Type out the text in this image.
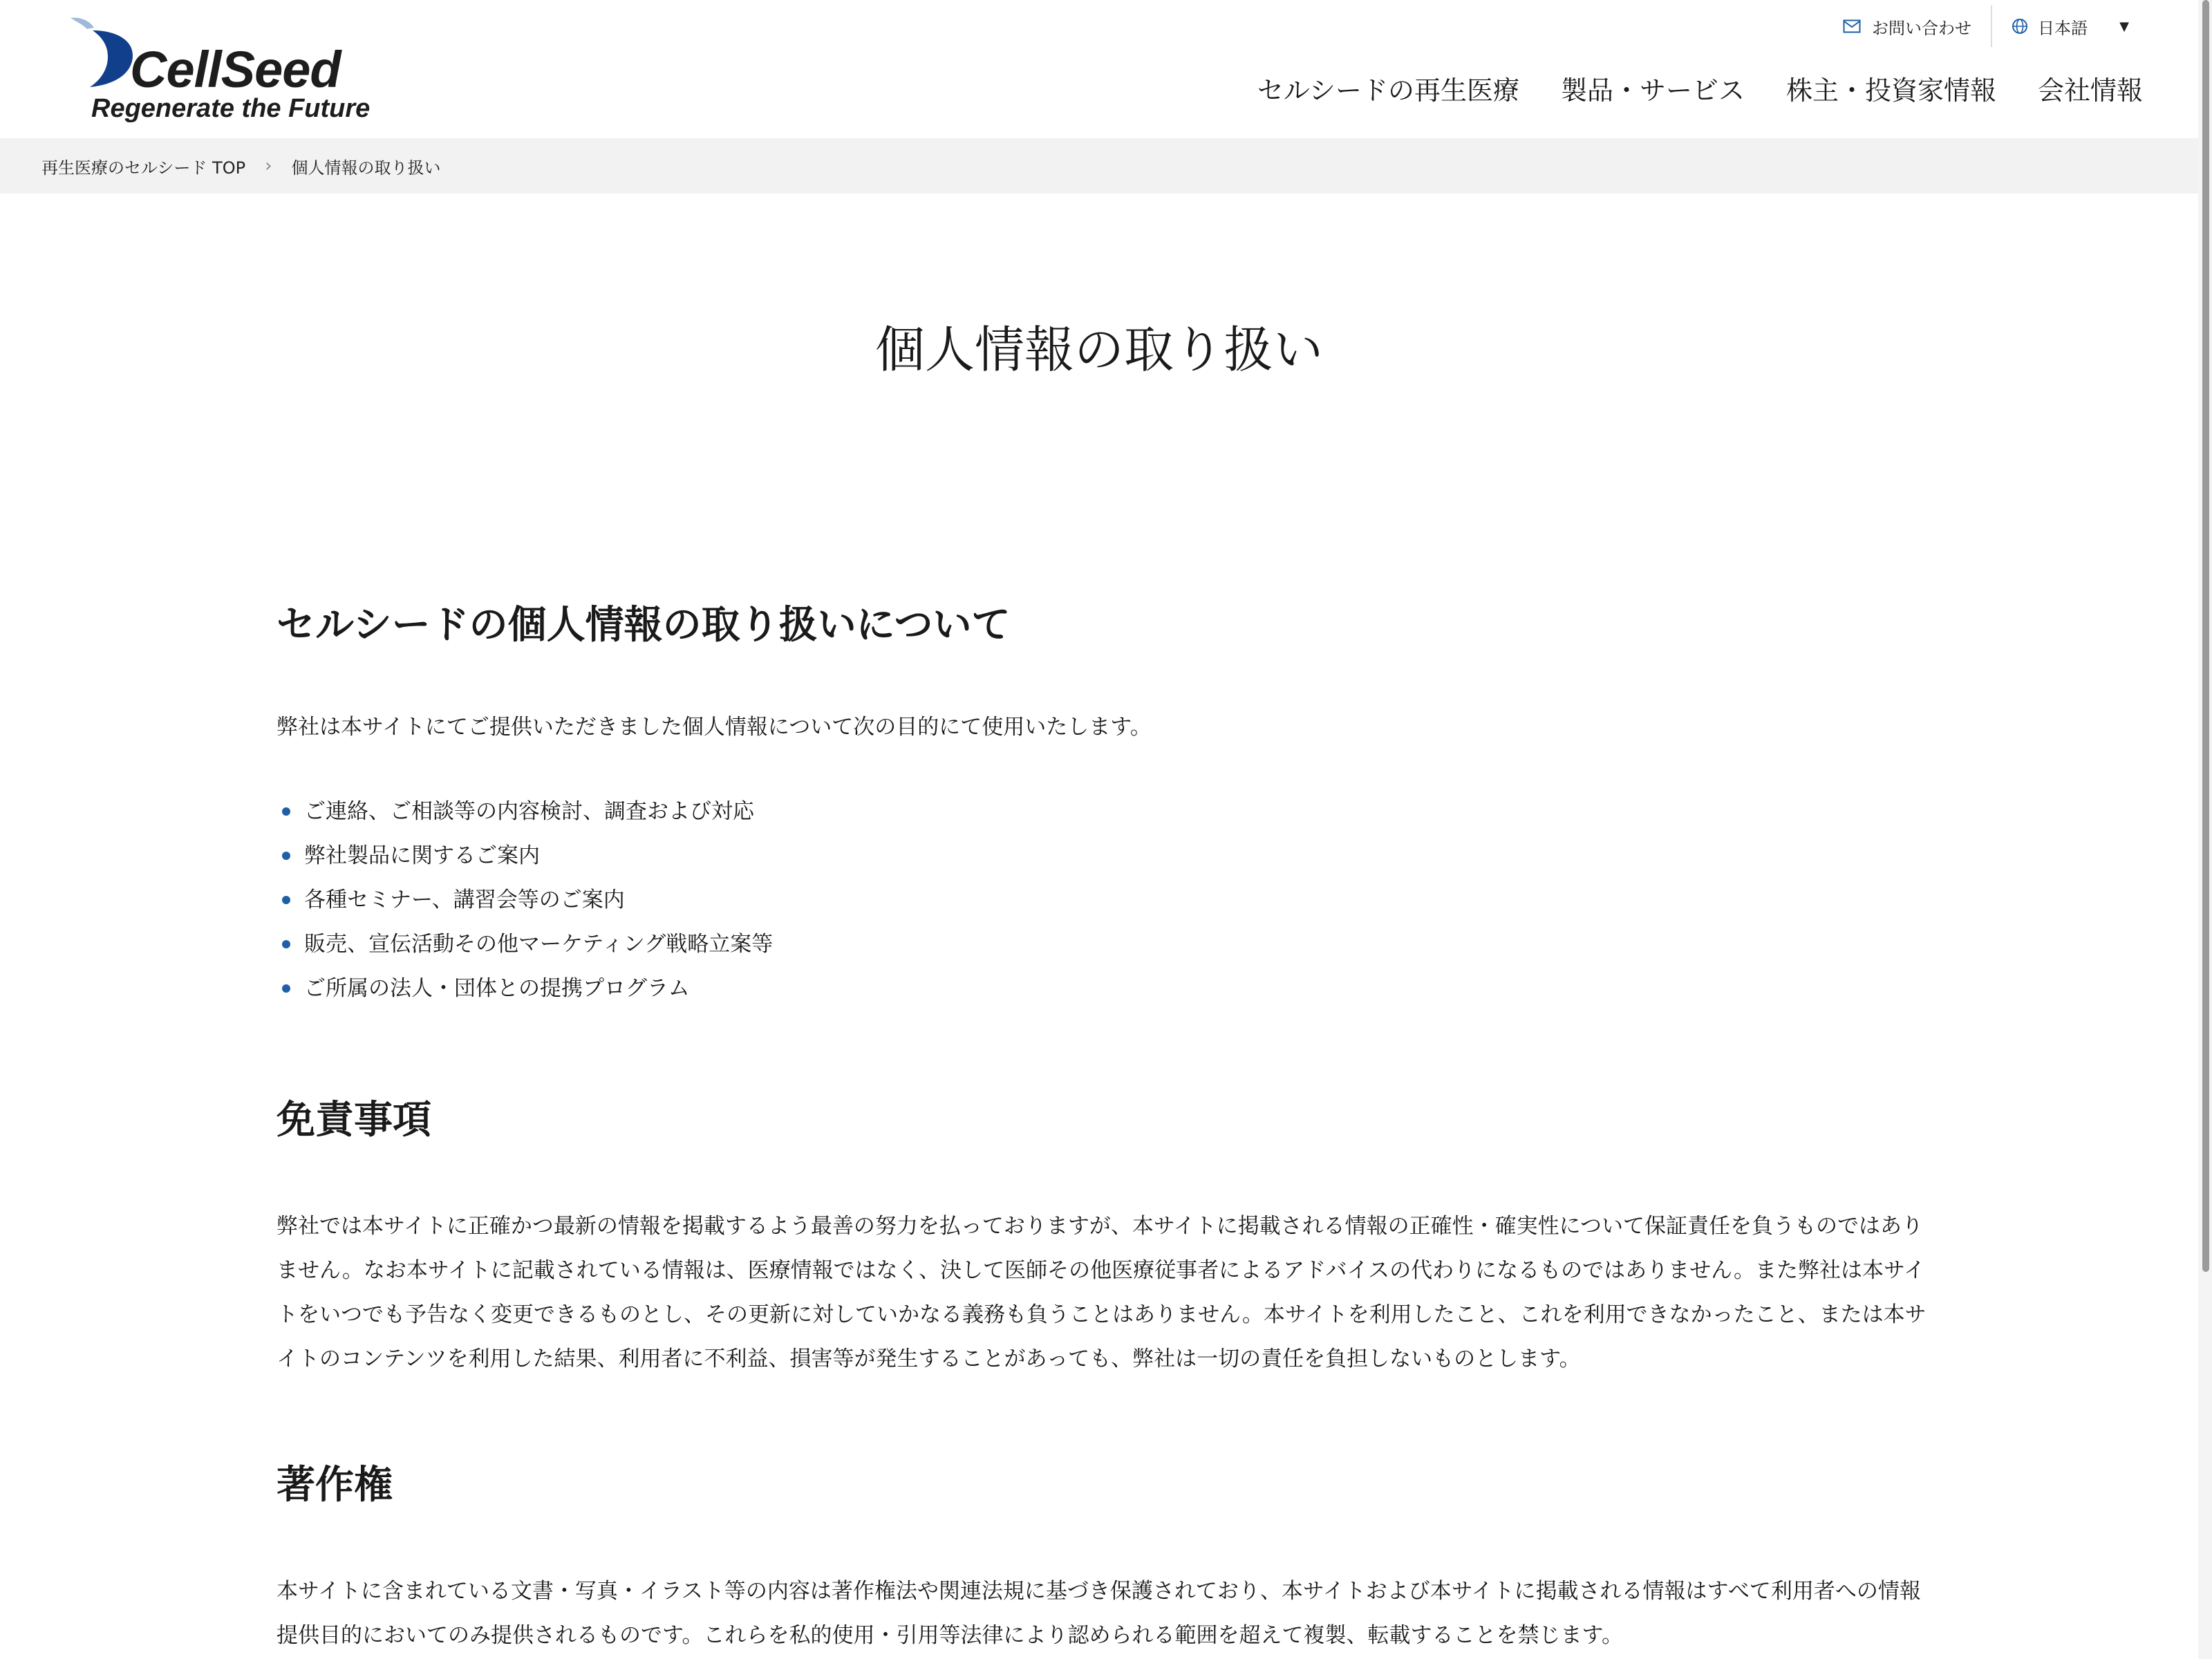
CellSeed
Regenerate the Future
お問い合わせ	日本語	▼
セルシードの再生医療 製品・サービス 株主・投資家情報 会社情報
再生医療のセルシード TOP › 個人情報の取り扱い
個人情報の取り扱い
セルシードの個人情報の取り扱いについて

弊社は本サイトにてご提供いただきました個人情報について次の目的にて使用いたします。

ご連絡、ご相談等の内容検討、調査および対応
弊社製品に関するご案内
各種セミナー、講習会等のご案内
販売、宣伝活動その他マーケティング戦略立案等
ご所属の法人・団体との提携プログラム
免責事項

弊社では本サイトに正確かつ最新の情報を掲載するよう最善の努力を払っておりますが、本サイトに掲載される情報の正確性・確実性について保証責任を負うものではありません。なお本サイトに記載されている情報は、医療情報ではなく、決して医師その他医療従事者によるアドバイスの代わりになるものではありません。また弊社は本サイトをいつでも予告なく変更できるものとし、その更新に対していかなる義務も負うことはありません。本サイトを利用したこと、これを利用できなかったこと、または本サイトのコンテンツを利用した結果、利用者に不利益、損害等が発生することがあっても、弊社は一切の責任を負担しないものとします。

著作権

本サイトに含まれている文書・写真・イラスト等の内容は著作権法や関連法規に基づき保護されており、本サイトおよび本サイトに掲載される情報はすべて利用者への情報提供目的においてのみ提供されるものです。これらを私的使用・引用等法律により認められる範囲を超えて複製、転載することを禁じます。
